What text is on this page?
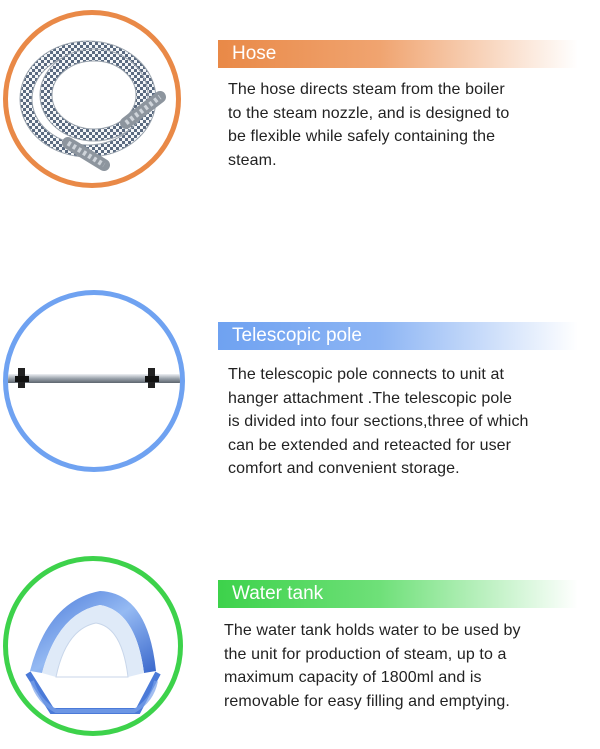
Hose
The hose directs steam from the boiler
to the steam nozzle, and is designed to
be flexible while safely containing the
steam.
Telescopic pole
The telescopic pole connects to unit at
hanger attachment .The telescopic pole
is divided into four sections,three of which
can be extended and reteacted for user
comfort and convenient storage.
Water tank
The water tank holds water to be used by
the unit for production of steam, up to a
maximum capacity of 1800ml and is
removable for easy filling and emptying.
